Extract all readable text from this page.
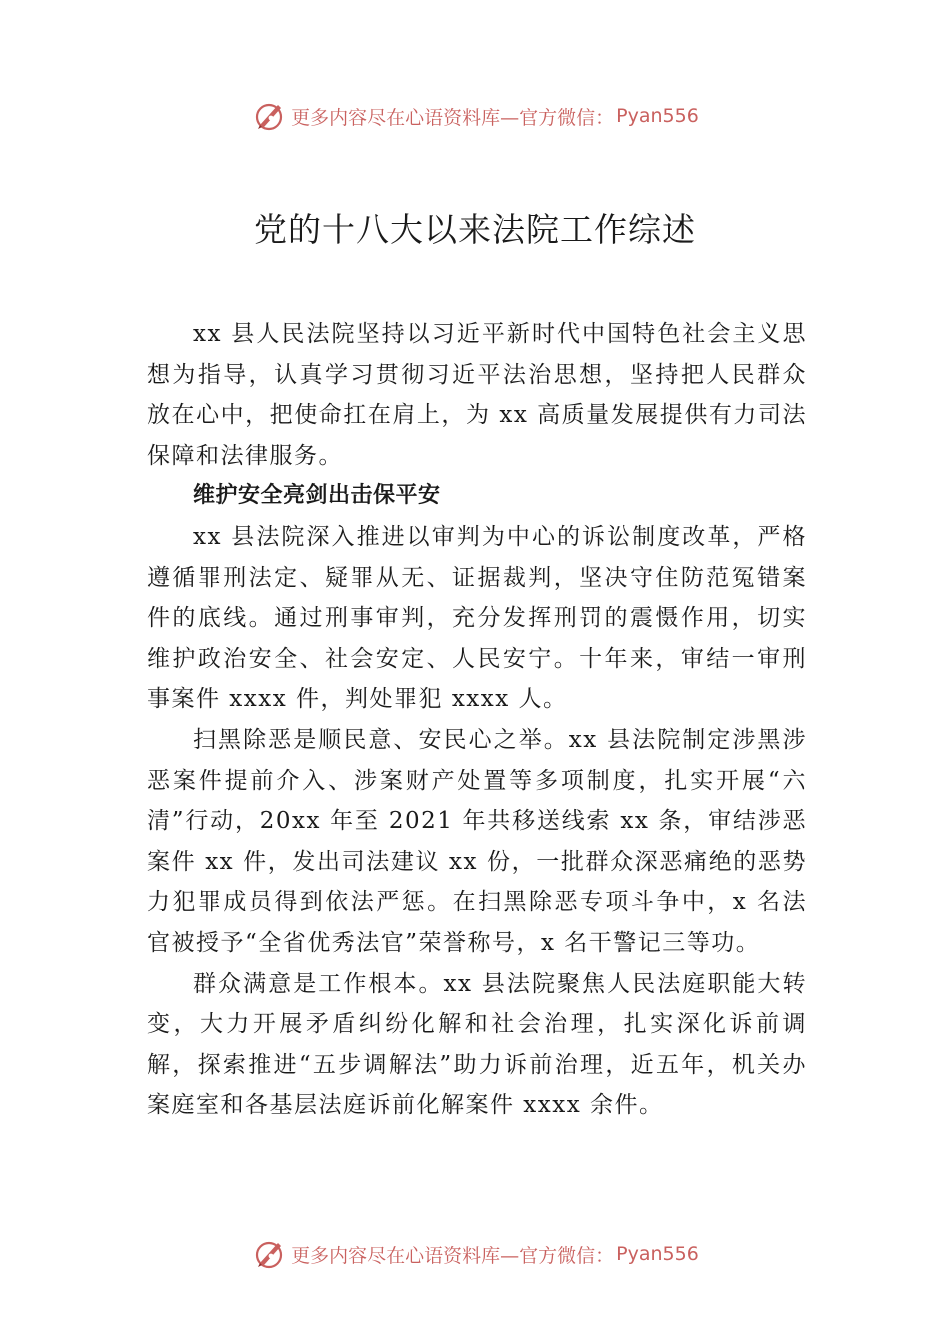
更多内容尽在心语资料库—官方微信： Pyan556
党的十八大以来法院工作综述

xx 县人民法院坚持以习近平新时代中国特色社会主义思想为指导，认真学习贯彻习近平法治思想，坚持把人民群众放在心中，把使命扛在肩上，为 xx 高质量发展提供有力司法保障和法律服务。

维护安全亮剑出击保平安

xx 县法院深入推进以审判为中心的诉讼制度改革，严格遵循罪刑法定、疑罪从无、证据裁判，坚决守住防范冤错案件的底线。通过刑事审判，充分发挥刑罚的震慑作用，切实维护政治安全、社会安定、人民安宁。十年来，审结一审刑事案件 xxxx 件，判处罪犯 xxxx 人。

扫黑除恶是顺民意、安民心之举。xx 县法院制定涉黑涉恶案件提前介入、涉案财产处置等多项制度，扎实开展“六清”行动，20xx 年至 2021 年共移送线索 xx 条，审结涉恶案件 xx 件，发出司法建议 xx 份，一批群众深恶痛绝的恶势力犯罪成员得到依法严惩。在扫黑除恶专项斗争中，x 名法官被授予“全省优秀法官”荣誉称号，x 名干警记三等功。

群众满意是工作根本。xx 县法院聚焦人民法庭职能大转变，大力开展矛盾纠纷化解和社会治理，扎实深化诉前调解，探索推进“五步调解法”助力诉前治理，近五年，机关办案庭室和各基层法庭诉前化解案件 xxxx 余件。

更多内容尽在心语资料库—官方微信： Pyan556
